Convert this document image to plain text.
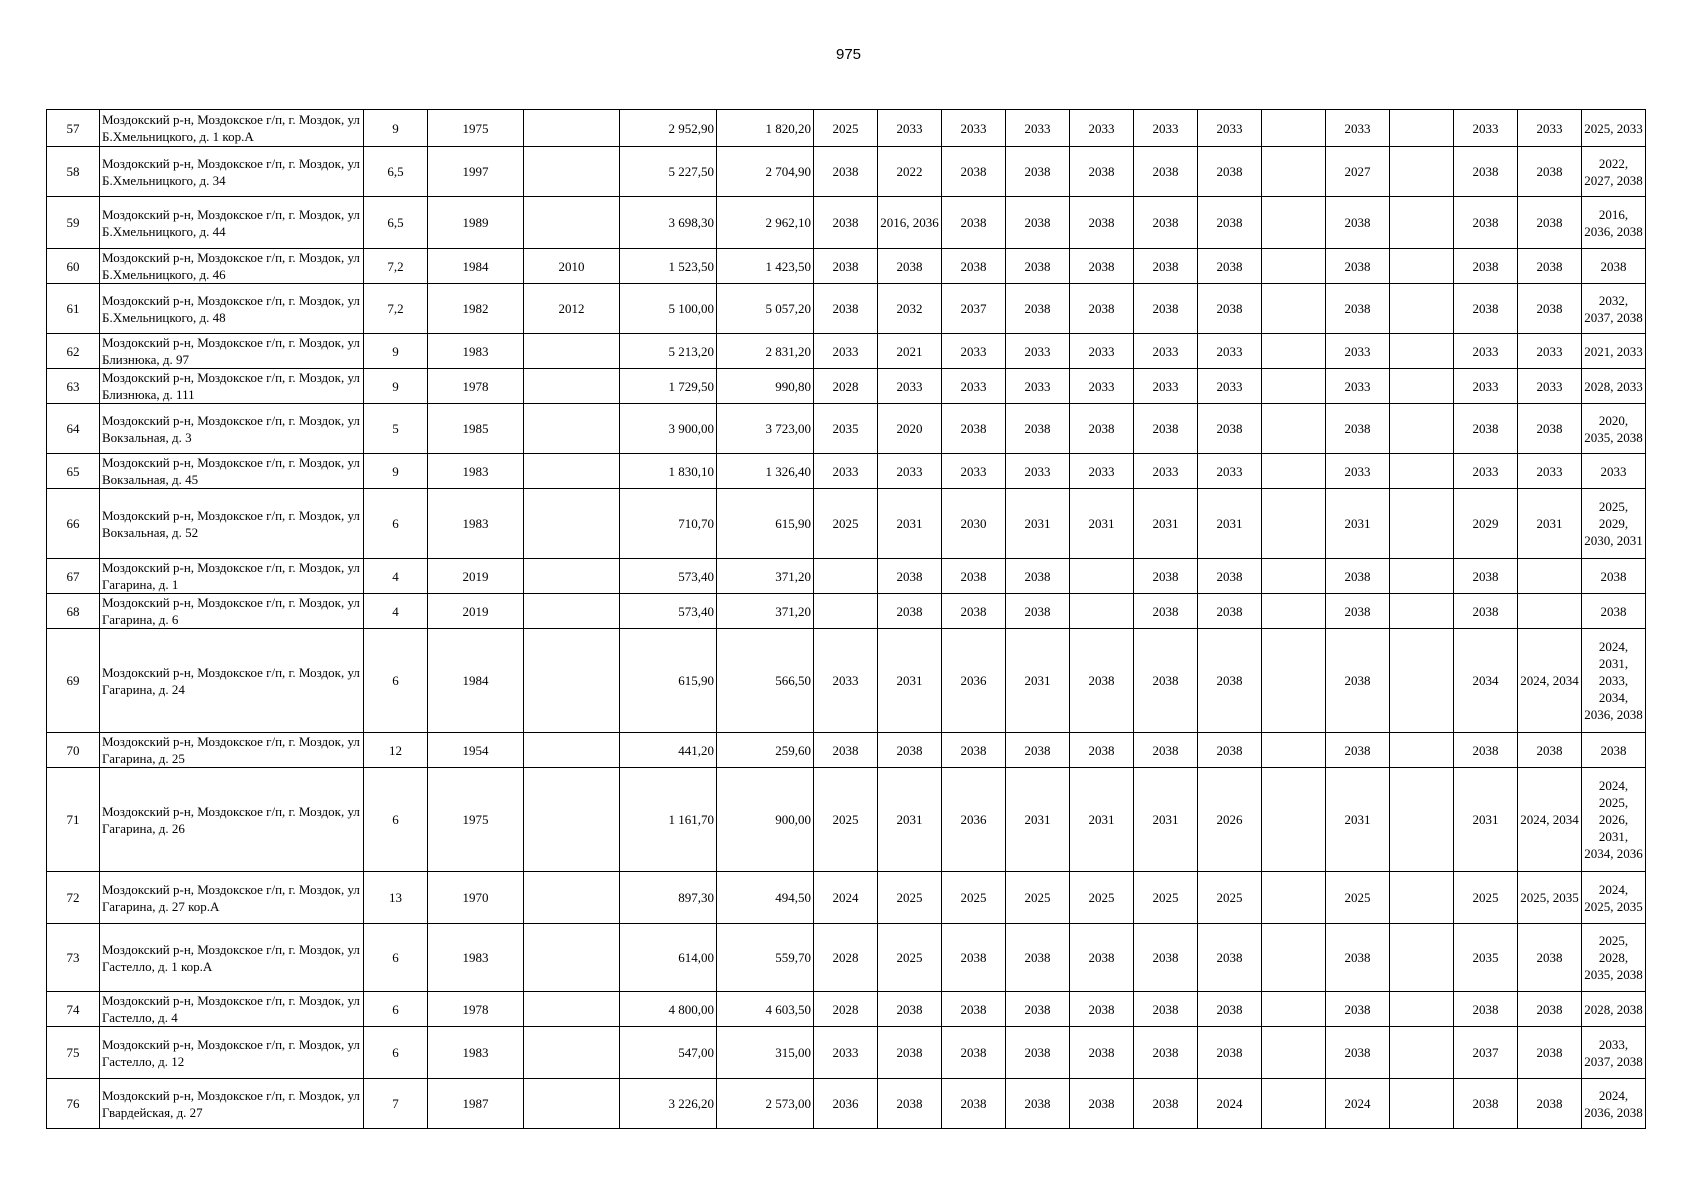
975
57	Моздокский р-н, Моздокское г/п, г. Моздок, ул Б.Хмельницкого, д. 1 кор.А	9	1975		2 952,90	1 820,20	2025	2033	2033	2033	2033	2033	2033		2033		2033	2033	2025, 2033
58	Моздокский р-н, Моздокское г/п, г. Моздок, ул Б.Хмельницкого, д. 34	6,5	1997		5 227,50	2 704,90	2038	2022	2038	2038	2038	2038	2038		2027		2038	2038	2022, 2027, 2038
59	Моздокский р-н, Моздокское г/п, г. Моздок, ул Б.Хмельницкого, д. 44	6,5	1989		3 698,30	2 962,10	2038	2016, 2036	2038	2038	2038	2038	2038		2038		2038	2038	2016, 2036, 2038
60	Моздокский р-н, Моздокское г/п, г. Моздок, ул Б.Хмельницкого, д. 46	7,2	1984	2010	1 523,50	1 423,50	2038	2038	2038	2038	2038	2038	2038		2038		2038	2038	2038
61	Моздокский р-н, Моздокское г/п, г. Моздок, ул Б.Хмельницкого, д. 48	7,2	1982	2012	5 100,00	5 057,20	2038	2032	2037	2038	2038	2038	2038		2038		2038	2038	2032, 2037, 2038
62	Моздокский р-н, Моздокское г/п, г. Моздок, ул Близнюка, д. 97	9	1983		5 213,20	2 831,20	2033	2021	2033	2033	2033	2033	2033		2033		2033	2033	2021, 2033
63	Моздокский р-н, Моздокское г/п, г. Моздок, ул Близнюка, д. 111	9	1978		1 729,50	990,80	2028	2033	2033	2033	2033	2033	2033		2033		2033	2033	2028, 2033
64	Моздокский р-н, Моздокское г/п, г. Моздок, ул Вокзальная, д. 3	5	1985		3 900,00	3 723,00	2035	2020	2038	2038	2038	2038	2038		2038		2038	2038	2020, 2035, 2038
65	Моздокский р-н, Моздокское г/п, г. Моздок, ул Вокзальная, д. 45	9	1983		1 830,10	1 326,40	2033	2033	2033	2033	2033	2033	2033		2033		2033	2033	2033
66	Моздокский р-н, Моздокское г/п, г. Моздок, ул Вокзальная, д. 52	6	1983		710,70	615,90	2025	2031	2030	2031	2031	2031	2031		2031		2029	2031	2025, 2029, 2030, 2031
67	Моздокский р-н, Моздокское г/п, г. Моздок, ул Гагарина, д. 1	4	2019		573,40	371,20		2038	2038	2038		2038	2038		2038		2038		2038
68	Моздокский р-н, Моздокское г/п, г. Моздок, ул Гагарина, д. 6	4	2019		573,40	371,20		2038	2038	2038		2038	2038		2038		2038		2038
69	Моздокский р-н, Моздокское г/п, г. Моздок, ул Гагарина, д. 24	6	1984		615,90	566,50	2033	2031	2036	2031	2038	2038	2038		2038		2034	2024, 2034	2024, 2031, 2033, 2034, 2036, 2038
70	Моздокский р-н, Моздокское г/п, г. Моздок, ул Гагарина, д. 25	12	1954		441,20	259,60	2038	2038	2038	2038	2038	2038	2038		2038		2038	2038	2038
71	Моздокский р-н, Моздокское г/п, г. Моздок, ул Гагарина, д. 26	6	1975		1 161,70	900,00	2025	2031	2036	2031	2031	2031	2026		2031		2031	2024, 2034	2024, 2025, 2026, 2031, 2034, 2036
72	Моздокский р-н, Моздокское г/п, г. Моздок, ул Гагарина, д. 27 кор.А	13	1970		897,30	494,50	2024	2025	2025	2025	2025	2025	2025		2025		2025	2025, 2035	2024, 2025, 2035
73	Моздокский р-н, Моздокское г/п, г. Моздок, ул Гастелло, д. 1 кор.А	6	1983		614,00	559,70	2028	2025	2038	2038	2038	2038	2038		2038		2035	2038	2025, 2028, 2035, 2038
74	Моздокский р-н, Моздокское г/п, г. Моздок, ул Гастелло, д. 4	6	1978		4 800,00	4 603,50	2028	2038	2038	2038	2038	2038	2038		2038		2038	2038	2028, 2038
75	Моздокский р-н, Моздокское г/п, г. Моздок, ул Гастелло, д. 12	6	1983		547,00	315,00	2033	2038	2038	2038	2038	2038	2038		2038		2037	2038	2033, 2037, 2038
76	Моздокский р-н, Моздокское г/п, г. Моздок, ул Гвардейская, д. 27	7	1987		3 226,20	2 573,00	2036	2038	2038	2038	2038	2038	2024		2024		2038	2038	2024, 2036, 2038
